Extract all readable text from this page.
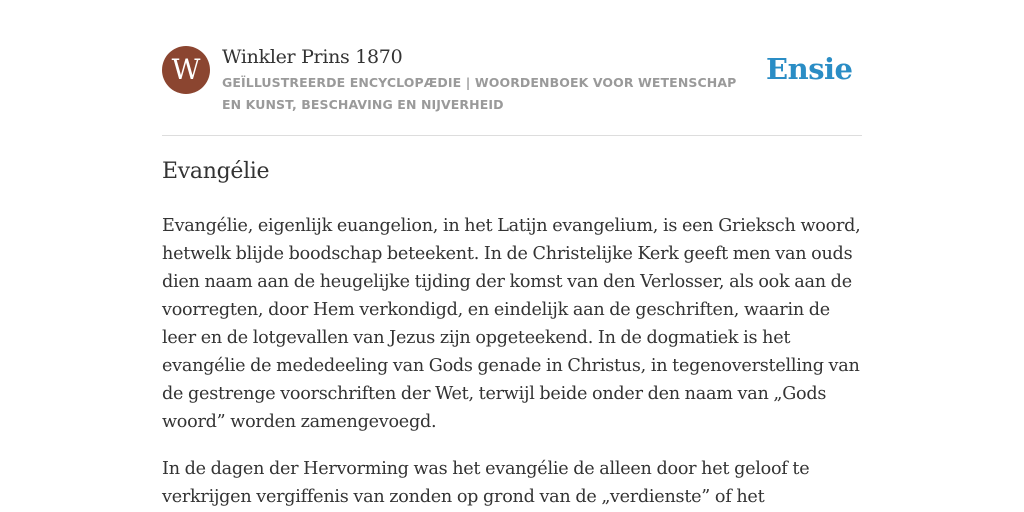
W	Winkler Prins 1870
GEÏLLUSTREERDE ENCYCLOPÆDIE | WOORDENBOEK VOOR WETENSCHAP EN KUNST, BESCHAVING EN NIJVERHEID
Ensie
Evangélie

Evangélie, eigenlijk euangelion, in het Latijn evangelium, is een Grieksch woord, hetwelk blijde boodschap beteekent. In de Christelijke Kerk geeft men van ouds dien naam aan de heugelijke tijding der komst van den Verlosser, als ook aan de voorregten, door Hem verkondigd, en eindelijk aan de geschriften, waarin de leer en de lotgevallen van Jezus zijn opgeteekend. In de dogmatiek is het evangélie de mededeeling van Gods genade in Christus, in tegenoverstelling van de gestrenge voorschriften der Wet, terwijl beide onder den naam van „Gods woord” worden zamengevoegd.

In de dagen der Hervorming was het evangélie de alleen door het geloof te verkrijgen vergiffenis van zonden op grond van de „verdienste” of het
